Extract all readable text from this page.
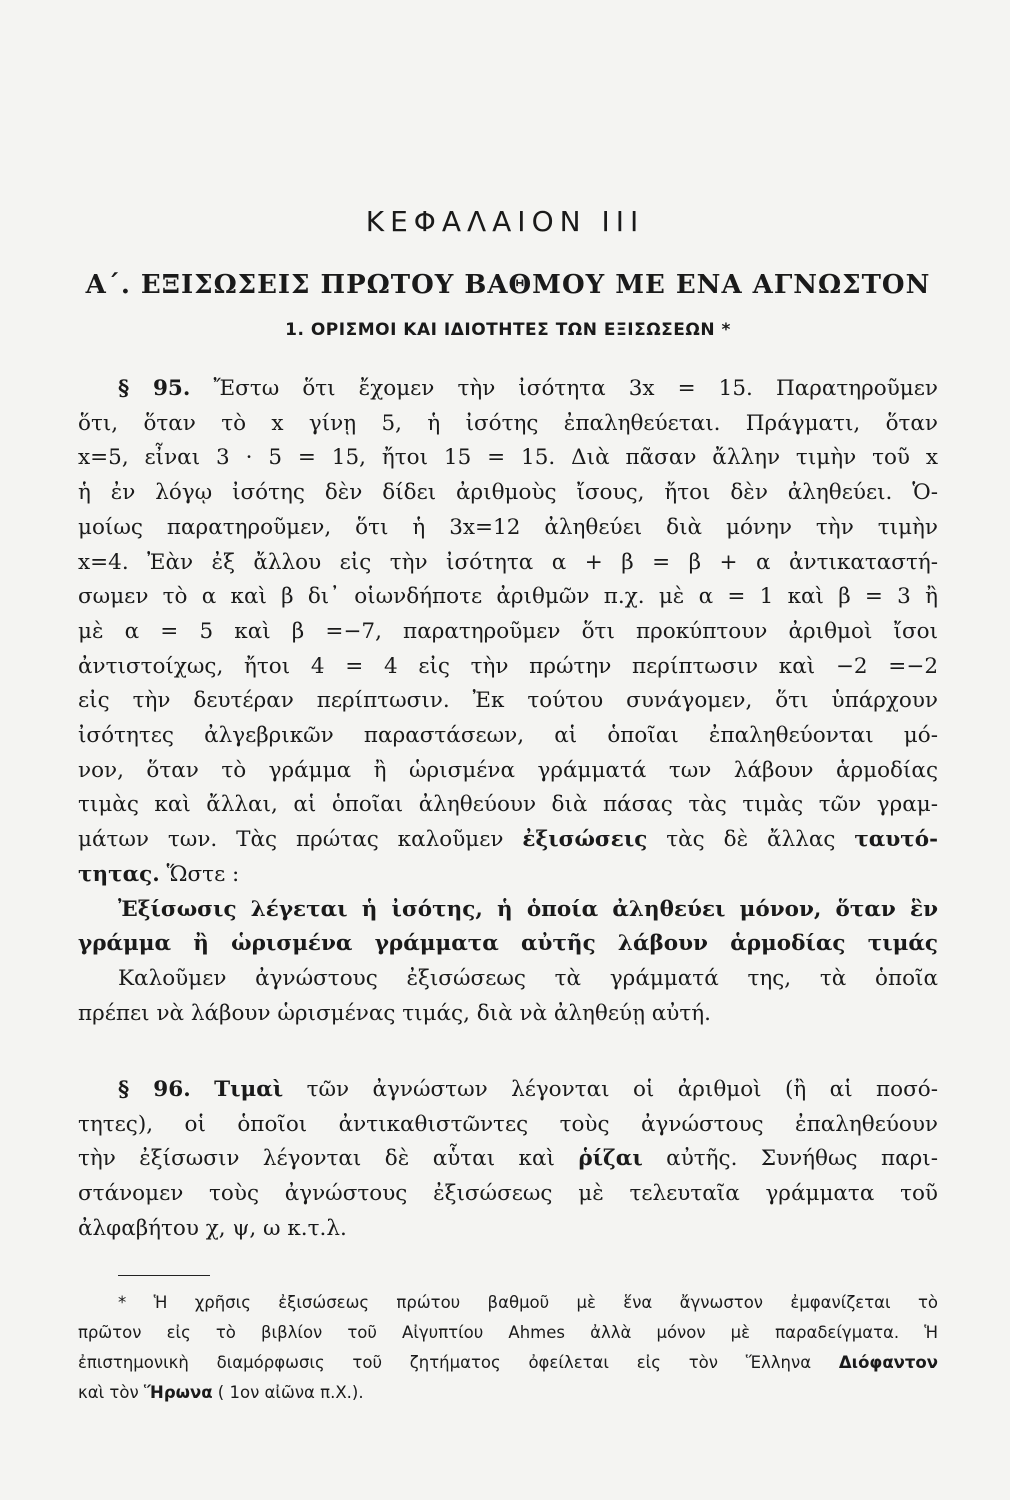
ΚΕΦΑΛΑΙΟΝ III
Α΄. ΕΞΙΣΩΣΕΙΣ ΠΡΩΤΟΥ ΒΑΘΜΟΥ ΜΕ ΕΝΑ ΑΓΝΩΣΤΟΝ
1. ΟΡΙΣΜΟΙ ΚΑΙ ΙΔΙΟΤΗΤΕΣ ΤΩΝ ΕΞΙΣΩΣΕΩΝ *
§ 95. Ἔστω ὅτι ἔχομεν τὴν ἰσότητα 3x = 15. Παρατηροῦμεν
ὅτι, ὅταν τὸ x γίνῃ 5, ἡ ἰσότης ἐπαληθεύεται. Πράγματι, ὅταν
x=5, εἶναι 3 · 5 = 15, ἤτοι 15 = 15. Διὰ πᾶσαν ἄλλην τιμὴν τοῦ x
ἡ ἐν λόγῳ ἰσότης δὲν δίδει ἀριθμοὺς ἴσους, ἤτοι δὲν ἀληθεύει. Ὁ-
μοίως παρατηροῦμεν, ὅτι ἡ 3x=12 ἀληθεύει διὰ μόνην τὴν τιμὴν
x=4. Ἐὰν ἐξ ἄλλου εἰς τὴν ἰσότητα α + β = β + α ἀντικαταστή-
σωμεν τὸ α καὶ β δι᾽ οἱωνδήποτε ἀριθμῶν π.χ. μὲ α = 1 καὶ β = 3 ἢ
μὲ α = 5 καὶ β =−7, παρατηροῦμεν ὅτι προκύπτουν ἀριθμοὶ ἴσοι
ἀντιστοίχως, ἤτοι 4 = 4 εἰς τὴν πρώτην περίπτωσιν καὶ −2 =−2
εἰς τὴν δευτέραν περίπτωσιν. Ἐκ τούτου συνάγομεν, ὅτι ὑπάρχουν
ἰσότητες ἀλγεβρικῶν παραστάσεων, αἱ ὁποῖαι ἐπαληθεύονται μό-
νον, ὅταν τὸ γράμμα ἢ ὡρισμένα γράμματά των λάβουν ἁρμοδίας
τιμὰς καὶ ἄλλαι, αἱ ὁποῖαι ἀληθεύουν διὰ πάσας τὰς τιμὰς τῶν γραμ-
μάτων των. Τὰς πρώτας καλοῦμεν ἐξισώσεις τὰς δὲ ἄλλας ταυτό-
τητας. Ὥστε :
Ἐξίσωσις λέγεται ἡ ἰσότης, ἡ ὁποία ἀληθεύει μόνον, ὅταν ἓν
γράμμα ἢ ὡρισμένα γράμματα αὐτῆς λάβουν ἁρμοδίας τιμάς
Καλοῦμεν ἀγνώστους ἐξισώσεως τὰ γράμματά της, τὰ ὁποῖα
πρέπει νὰ λάβουν ὡρισμένας τιμάς, διὰ νὰ ἀληθεύῃ αὐτή.
§ 96. Τιμαὶ τῶν ἀγνώστων λέγονται οἱ ἀριθμοὶ (ἢ αἱ ποσό-
τητες), οἱ ὁποῖοι ἀντικαθιστῶντες τοὺς ἀγνώστους ἐπαληθεύουν
τὴν ἐξίσωσιν λέγονται δὲ αὗται καὶ ῥίζαι αὐτῆς. Συνήθως παρι-
στάνομεν τοὺς ἀγνώστους ἐξισώσεως μὲ τελευταῖα γράμματα τοῦ
ἀλφαβήτου χ, ψ, ω κ.τ.λ.
* Ἡ χρῆσις ἐξισώσεως πρώτου βαθμοῦ μὲ ἕνα ἄγνωστον ἐμφανίζεται τὸ
πρῶτον εἰς τὸ βιβλίον τοῦ Αἰγυπτίου Ahmes ἀλλὰ μόνον μὲ παραδείγματα. Ἡ
ἐπιστημονικὴ διαμόρφωσις τοῦ ζητήματος ὀφείλεται εἰς τὸν Ἕλληνα Διόφαντον
καὶ τὸν Ἥρωνα ( 1ον αἰῶνα π.Χ.).
